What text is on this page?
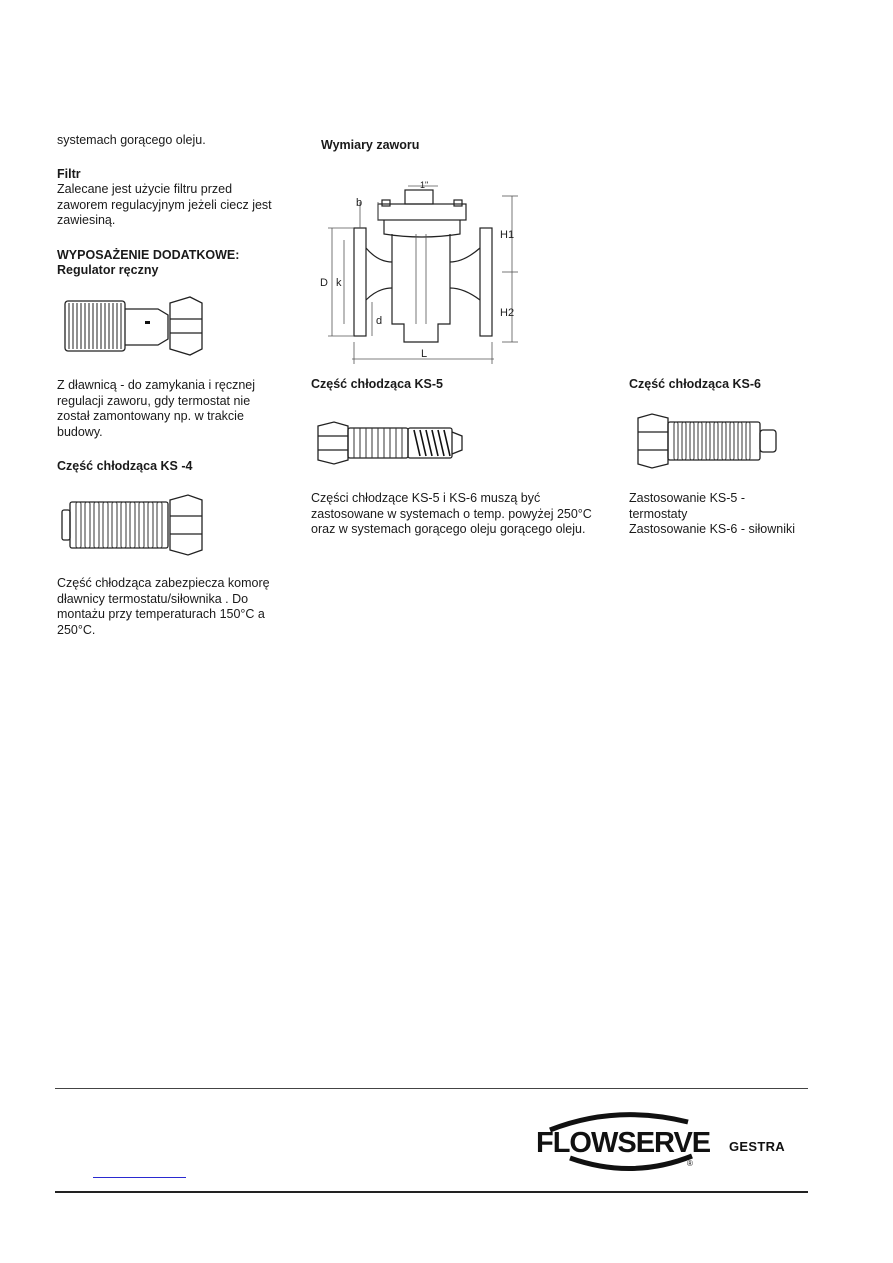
systemach gorącego oleju.
Filtr
Zalecane jest użycie filtru przed
zaworem regulacyjnym jeżeli ciecz jest
zawiesiną.
WYPOSAŻENIE DODATKOWE:
Regulator ręczny
Z dławnicą - do zamykania i ręcznej
regulacji zaworu, gdy termostat nie
został zamontowany np. w trakcie
budowy.
Część chłodząca KS -4
Część chłodząca zabezpiecza komorę
dławnicy termostatu/siłownika . Do
montażu przy temperaturach 150°C a
250°C.
Wymiary zaworu
1"
b
H1
H2
D k
d
L
Część chłodząca KS-5
Części chłodzące KS-5 i KS-6 muszą być
zastosowane w systemach o temp. powyżej 250°C
oraz w systemach gorącego oleju gorącego oleju.
Część chłodząca KS-6
Zastosowanie KS-5 -
termostaty
Zastosowanie KS-6 - siłowniki
FLOWSERVE
®
GESTRA
